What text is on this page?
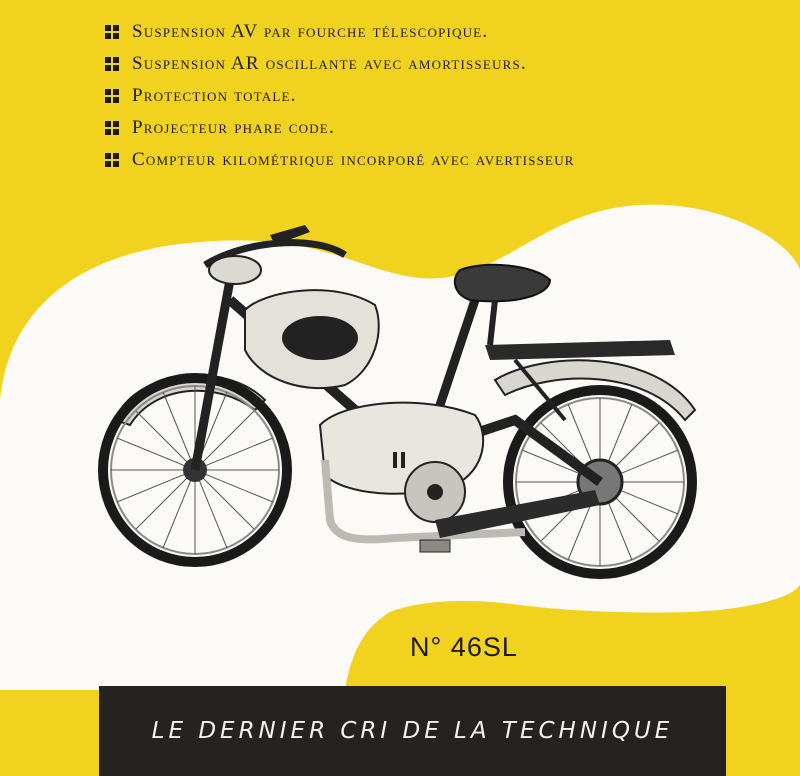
Suspension AV par fourche télescopique.
Suspension AR oscillante avec amortisseurs.
Protection totale.
Projecteur phare code.
Compteur kilométrique incorporé avec avertisseur
N° 46SL
LE DERNIER CRI DE LA TECHNIQUE
